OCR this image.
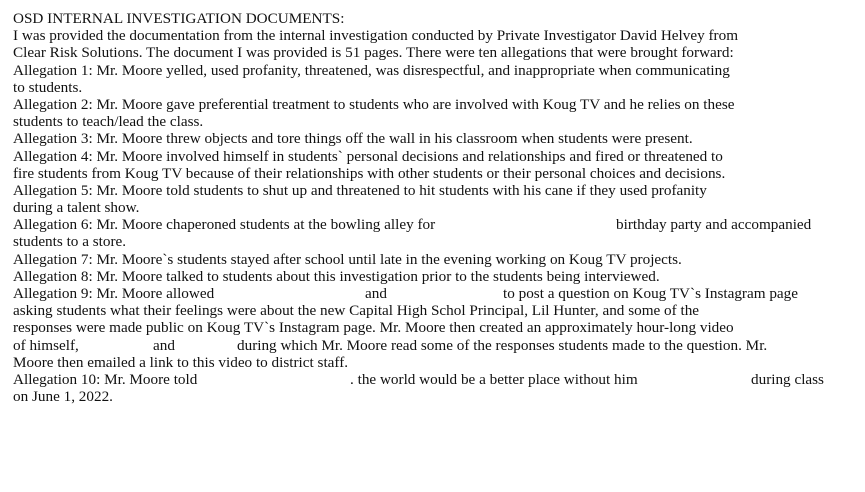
OSD INTERNAL INVESTIGATION DOCUMENTS:
I was provided the documentation from the internal investigation conducted by Private Investigator David Helvey from
Clear Risk Solutions. The document I was provided is 51 pages. There were ten allegations that were brought forward:
Allegation 1: Mr. Moore yelled, used profanity, threatened, was disrespectful, and inappropriate when communicating
to students.
Allegation 2: Mr. Moore gave preferential treatment to students who are involved with Koug TV and he relies on these
students to teach/lead the class.
Allegation 3: Mr. Moore threw objects and tore things off the wall in his classroom when students were present.
Allegation 4: Mr. Moore involved himself in students` personal decisions and relationships and fired or threatened to
fire students from Koug TV because of their relationships with other students or their personal choices and decisions.
Allegation 5: Mr. Moore told students to shut up and threatened to hit students with his cane if they used profanity
during a talent show.
Allegation 6: Mr. Moore chaperoned students at the bowling alley for	birthday party and accompanied
students to a store.
Allegation 7: Mr. Moore`s students stayed after school until late in the evening working on Koug TV projects.
Allegation 8: Mr. Moore talked to students about this investigation prior to the students being interviewed.
Allegation 9: Mr. Moore allowed	and	to post a question on Koug TV`s Instagram page
asking students what their feelings were about the new Capital High Schol Principal, Lil Hunter, and some of the
responses were made public on Koug TV`s Instagram page. Mr. Moore then created an approximately hour-long video
of himself,	and	during which Mr. Moore read some of the responses students made to the question. Mr.
Moore then emailed a link to this video to district staff.
Allegation 10: Mr. Moore told	. the world would be a better place without him	during class
on June 1, 2022.
